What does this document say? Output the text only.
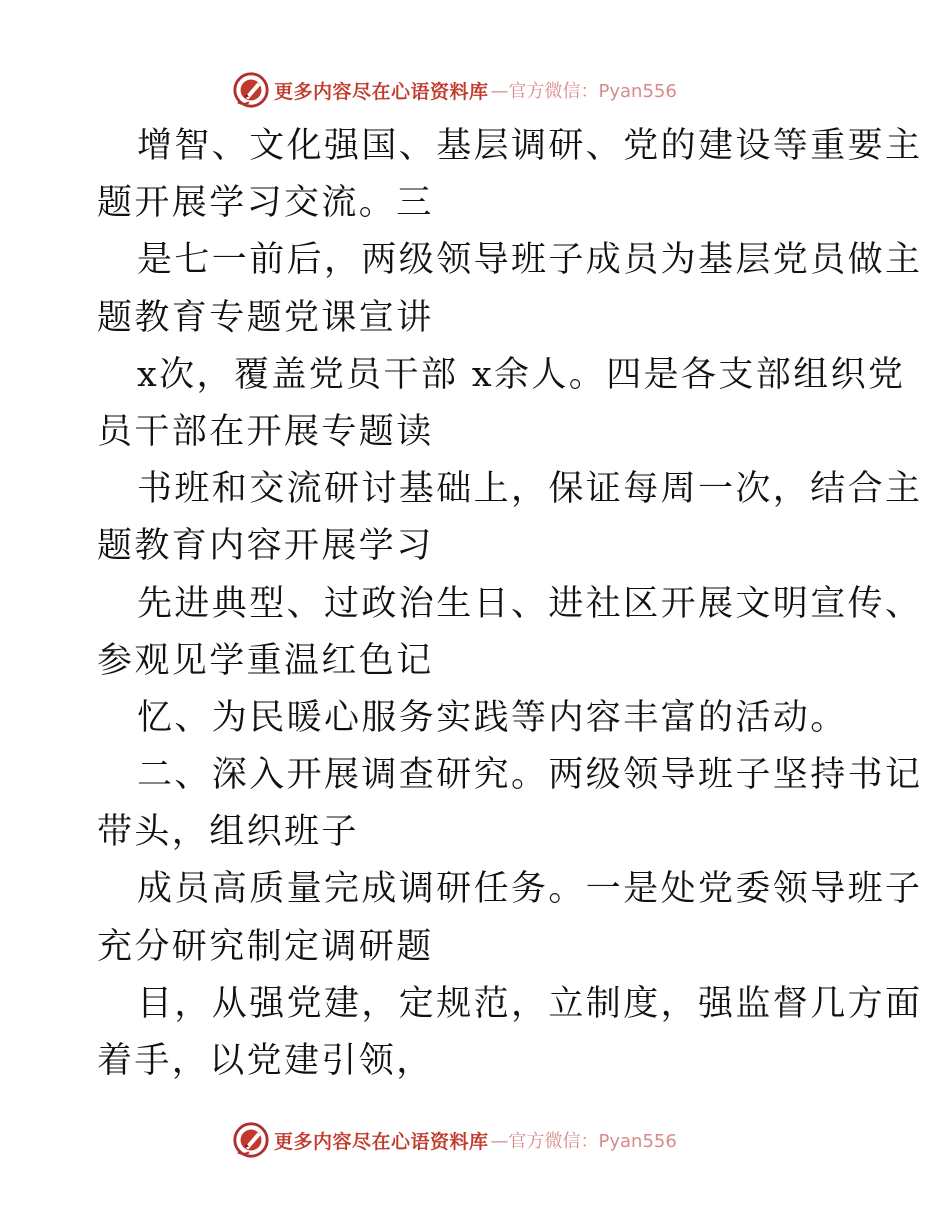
更多内容尽在心语资料库 —官方微信：Pyan556
增智、文化强国、基层调研、党的建设等重要主
题开展学习交流。三
是七一前后，两级领导班子成员为基层党员做主
题教育专题党课宣讲
x次，覆盖党员干部 x余人。四是各支部组织党
员干部在开展专题读
书班和交流研讨基础上，保证每周一次，结合主
题教育内容开展学习
先进典型、过政治生日、进社区开展文明宣传、
参观见学重温红色记
忆、为民暖心服务实践等内容丰富的活动。
二、深入开展调查研究。两级领导班子坚持书记
带头，组织班子
成员高质量完成调研任务。一是处党委领导班子
充分研究制定调研题
目，从强党建，定规范，立制度，强监督几方面
着手，以党建引领，
更多内容尽在心语资料库 —官方微信：Pyan556
